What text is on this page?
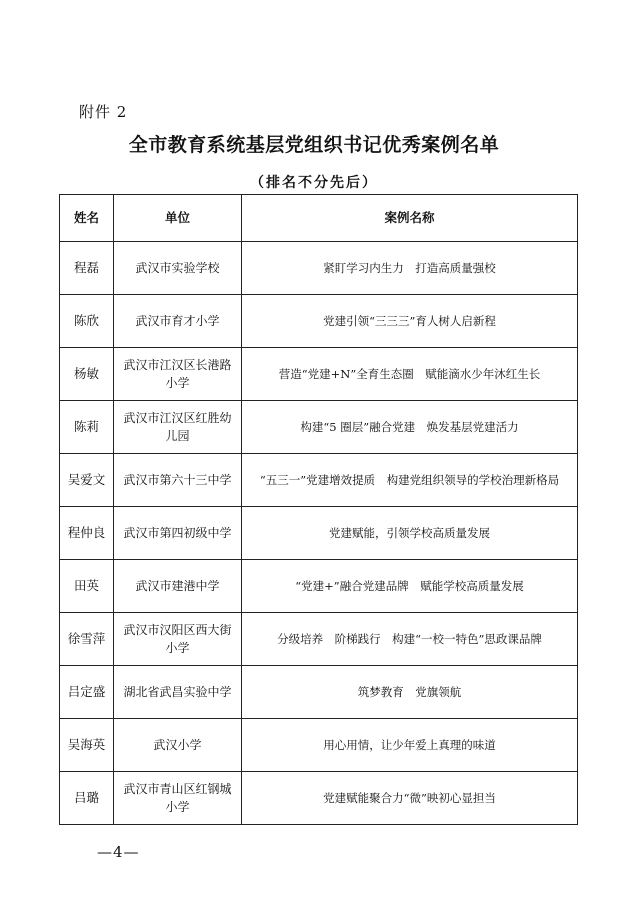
附件 2
全市教育系统基层党组织书记优秀案例名单
（排名不分先后）
姓名	单位	案例名称
程磊	武汉市实验学校	紧盯学习内生力　打造高质量强校
陈欣	武汉市育才小学	党建引领“三三三”育人树人启新程
杨敏	武汉市江汉区长港路小学	营造“党建+N”全育生态圈　赋能滴水少年沐红生长
陈莉	武汉市江汉区红胜幼儿园	构建“5 圈层”融合党建　焕发基层党建活力
吴爱文	武汉市第六十三中学	“五三一”党建增效提质　构建党组织领导的学校治理新格局
程仲良	武汉市第四初级中学	党建赋能，引领学校高质量发展
田英	武汉市建港中学	“党建+”融合党建品牌　赋能学校高质量发展
徐雪萍	武汉市汉阳区西大街小学	分级培养　阶梯践行　构建“一校一特色”思政课品牌
吕定盛	湖北省武昌实验中学	筑梦教育　党旗领航
吴海英	武汉小学	用心用情，让少年爱上真理的味道
吕璐	武汉市青山区红钢城小学	党建赋能聚合力“微”映初心显担当
—4—
